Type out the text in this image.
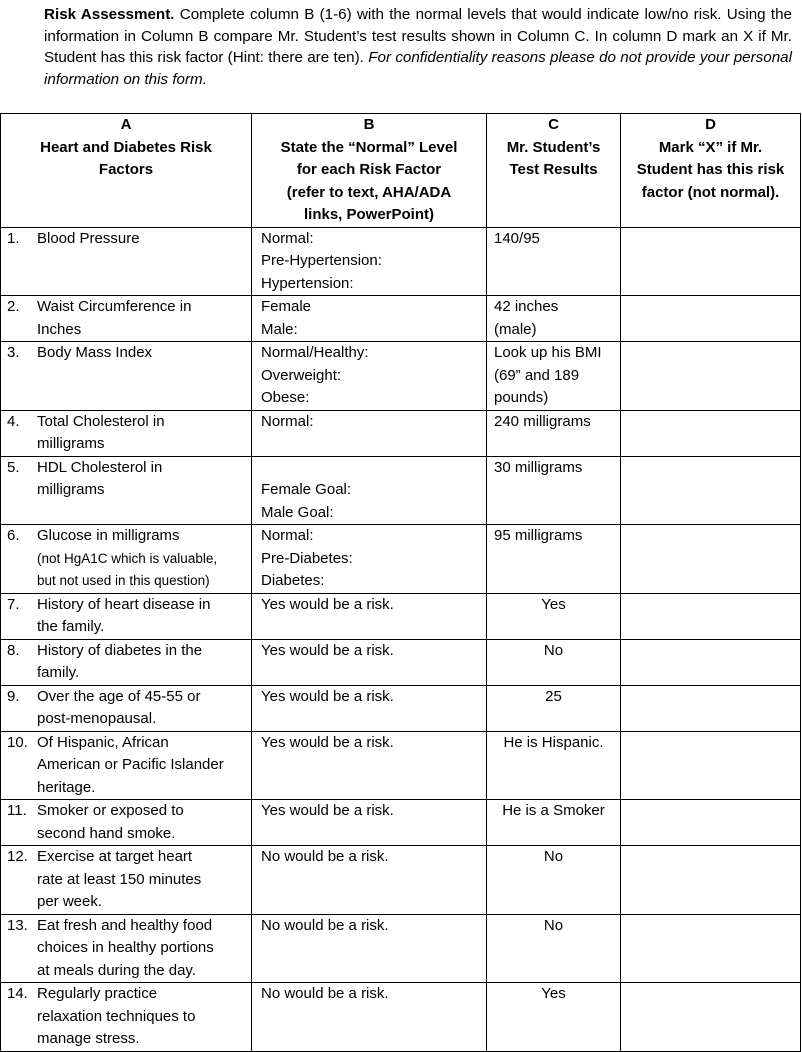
Risk Assessment. Complete column B (1-6) with the normal levels that would indicate low/no risk. Using the information in Column B compare Mr. Student’s test results shown in Column C. In column D mark an X if Mr. Student has this risk factor (Hint: there are ten). For confidentiality reasons please do not provide your personal information on this form.
A
Heart and Diabetes Risk
Factors	B
State the “Normal” Level
for each Risk Factor
(refer to text, AHA/ADA
links, PowerPoint)	C
Mr. Student’s
Test Results	D
Mark “X” if Mr.
Student has this risk
factor (not normal).

1. Blood Pressure	Normal:
Pre-Hypertension:
Hypertension:	140/95	

2. Waist Circumference in
Inches	Female
Male:	42 inches
(male)	

3. Body Mass Index	Normal/Healthy:
Overweight:
Obese:	Look up his BMI
(69” and 189
pounds)	

4. Total Cholesterol in
milligrams	Normal:	240 milligrams	

5. HDL Cholesterol in
milligrams	Female Goal:
Male Goal:	30 milligrams	

6. Glucose in milligrams
(not HgA1C which is valuable,
but not used in this question)	Normal:
Pre-Diabetes:
Diabetes:	95 milligrams	

7. History of heart disease in
the family.	Yes would be a risk.	Yes	

8. History of diabetes in the
family.	Yes would be a risk.	No	

9. Over the age of 45-55 or
post-menopausal.	Yes would be a risk.	25	

10. Of Hispanic, African
American or Pacific Islander
heritage.	Yes would be a risk.	He is Hispanic.	

11. Smoker or exposed to
second hand smoke.	Yes would be a risk.	He is a Smoker	

12. Exercise at target heart
rate at least 150 minutes
per week.	No would be a risk.	No	

13. Eat fresh and healthy food
choices in healthy portions
at meals during the day.	No would be a risk.	No	

14. Regularly practice
relaxation techniques to
manage stress.	No would be a risk.	Yes	
